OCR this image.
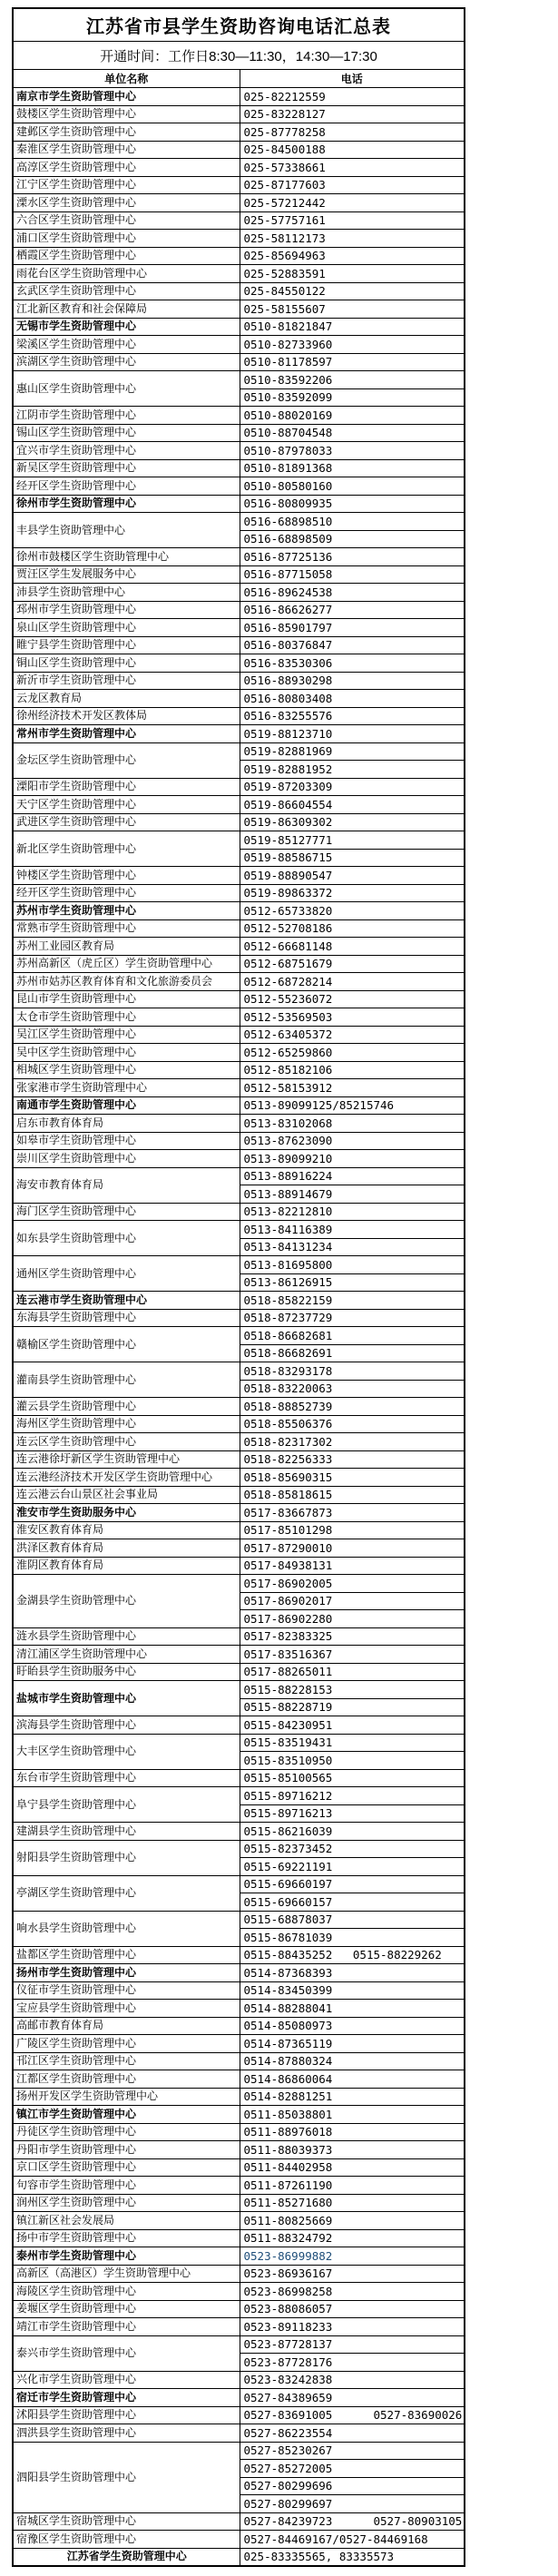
江苏省市县学生资助咨询电话汇总表	
开通时间：工作日8:30—11:30，14:30—17:30	
单位名称	电话
南京市学生资助管理中心	025-82212559
鼓楼区学生资助管理中心	025-83228127
建邺区学生资助管理中心	025-87778258
秦淮区学生资助管理中心	025-84500188
高淳区学生资助管理中心	025-57338661
江宁区学生资助管理中心	025-87177603
溧水区学生资助管理中心	025-57212442
六合区学生资助管理中心	025-57757161
浦口区学生资助管理中心	025-58112173
栖霞区学生资助管理中心	025-85694963
雨花台区学生资助管理中心	025-52883591
玄武区学生资助管理中心	025-84550122
江北新区教育和社会保障局	025-58155607
无锡市学生资助管理中心	0510-81821847
梁溪区学生资助管理中心	0510-82733960
滨湖区学生资助管理中心	0510-81178597
惠山区学生资助管理中心	0510-83592206
	0510-83592099
江阴市学生资助管理中心	0510-88020169
锡山区学生资助管理中心	0510-88704548
宜兴市学生资助管理中心	0510-87978033
新吴区学生资助管理中心	0510-81891368
经开区学生资助管理中心	0510-80580160
徐州市学生资助管理中心	0516-80809935
丰县学生资助管理中心	0516-68898510
	0516-68898509
徐州市鼓楼区学生资助管理中心	0516-87725136
贾汪区学生发展服务中心	0516-87715058
沛县学生资助管理中心	0516-89624538
邳州市学生资助管理中心	0516-86626277
泉山区学生资助管理中心	0516-85901797
睢宁县学生资助管理中心	0516-80376847
铜山区学生资助管理中心	0516-83530306
新沂市学生资助管理中心	0516-88930298
云龙区教育局	0516-80803408
徐州经济技术开发区教体局	0516-83255576
常州市学生资助管理中心	0519-88123710
金坛区学生资助管理中心	0519-82881969
	0519-82881952
溧阳市学生资助管理中心	0519-87203309
天宁区学生资助管理中心	0519-86604554
武进区学生资助管理中心	0519-86309302
新北区学生资助管理中心	0519-85127771
	0519-88586715
钟楼区学生资助管理中心	0519-88890547
经开区学生资助管理中心	0519-89863372
苏州市学生资助管理中心	0512-65733820
常熟市学生资助管理中心	0512-52708186
苏州工业园区教育局	0512-66681148
苏州高新区（虎丘区）学生资助管理中心	0512-68751679
苏州市姑苏区教育体育和文化旅游委员会	0512-68728214
昆山市学生资助管理中心	0512-55236072
太仓市学生资助管理中心	0512-53569503
吴江区学生资助管理中心	0512-63405372
吴中区学生资助管理中心	0512-65259860
相城区学生资助管理中心	0512-85182106
张家港市学生资助管理中心	0512-58153912
南通市学生资助管理中心	0513-89099125/85215746
启东市教育体育局	0513-83102068
如皋市学生资助管理中心	0513-87623090
崇川区学生资助管理中心	0513-89099210
海安市教育体育局	0513-88916224
	0513-88914679
海门区学生资助管理中心	0513-82212810
如东县学生资助管理中心	0513-84116389
	0513-84131234
通州区学生资助管理中心	0513-81695800
	0513-86126915
连云港市学生资助管理中心	0518-85822159
东海县学生资助管理中心	0518-87237729
赣榆区学生资助管理中心	0518-86682681
	0518-86682691
灌南县学生资助管理中心	0518-83293178
	0518-83220063
灌云县学生资助管理中心	0518-88852739
海州区学生资助管理中心	0518-85506376
连云区学生资助管理中心	0518-82317302
连云港徐圩新区学生资助管理中心	0518-82256333
连云港经济技术开发区学生资助管理中心	0518-85690315
连云港云台山景区社会事业局	0518-85818615
淮安市学生资助服务中心	0517-83667873
淮安区教育体育局	0517-85101298
洪泽区教育体育局	0517-87290010
淮阴区教育体育局	0517-84938131
金湖县学生资助管理中心	0517-86902005
	0517-86902017
	0517-86902280
涟水县学生资助管理中心	0517-82383325
清江浦区学生资助管理中心	0517-83516367
盱眙县学生资助服务中心	0517-88265011
盐城市学生资助管理中心	0515-88228153
	0515-88228719
滨海县学生资助管理中心	0515-84230951
大丰区学生资助管理中心	0515-83519431
	0515-83510950
东台市学生资助管理中心	0515-85100565
阜宁县学生资助管理中心	0515-89716212
	0515-89716213
建湖县学生资助管理中心	0515-86216039
射阳县学生资助管理中心	0515-82373452
	0515-69221191
亭湖区学生资助管理中心	0515-69660197
	0515-69660157
响水县学生资助管理中心	0515-68878037
	0515-86781039
盐都区学生资助管理中心	0515-88435252   0515-88229262
扬州市学生资助管理中心	0514-87368393
仪征市学生资助管理中心	0514-83450399
宝应县学生资助管理中心	0514-88288041
高邮市教育体育局	0514-85080973
广陵区学生资助管理中心	0514-87365119
邗江区学生资助管理中心	0514-87880324
江都区学生资助管理中心	0514-86860064
扬州开发区学生资助管理中心	0514-82881251
镇江市学生资助管理中心	0511-85038801
丹徒区学生资助管理中心	0511-88976018
丹阳市学生资助管理中心	0511-88039373
京口区学生资助管理中心	0511-84402958
句容市学生资助管理中心	0511-87261190
润州区学生资助管理中心	0511-85271680
镇江新区社会发展局	0511-80825669
扬中市学生资助管理中心	0511-88324792
泰州市学生资助管理中心	0523-86999882
高新区（高港区）学生资助管理中心	0523-86936167
海陵区学生资助管理中心	0523-86998258
姜堰区学生资助管理中心	0523-88086057
靖江市学生资助管理中心	0523-89118233
泰兴市学生资助管理中心	0523-87728137
	0523-87728176
兴化市学生资助管理中心	0523-83242838
宿迁市学生资助管理中心	0527-84389659
沭阳县学生资助管理中心	0527-83691005      0527-83690026
泗洪县学生资助管理中心	0527-86223554
泗阳县学生资助管理中心	0527-85230267
	0527-85272005
	0527-80299696
	0527-80299697
宿城区学生资助管理中心	0527-84239723      0527-80903105
宿豫区学生资助管理中心	0527-84469167/0527-84469168
江苏省学生资助管理中心	025-83335565, 83335573
